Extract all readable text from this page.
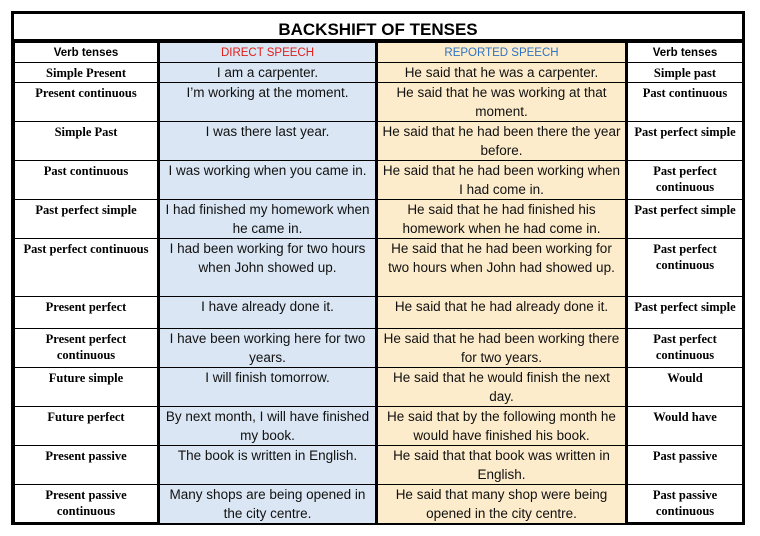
BACKSHIFT OF TENSES
Verb tenses	DIRECT SPEECH	REPORTED SPEECH	Verb tenses
Simple Present	I am a carpenter.	He said that he was a carpenter.	Simple past
Present continuous	I’m working at the moment.	He said that he was working at that moment.	Past continuous
Simple Past	I was there last year.	He said that he had been there the year before.	Past perfect simple
Past continuous	I was working when you came in.	He said that he had been working when I had come in.	Past perfect continuous
Past perfect simple	I had finished my homework when he came in.	He said that he had finished his homework when he had come in.	Past perfect simple
Past perfect continuous	I had been working for two hours when John showed up.	He said that he had been working for two hours when John had showed up.	Past perfect continuous
Present perfect	I have already done it.	He said that he had already done it.	Past perfect simple
Present perfect continuous	I have been working here for two years.	He said that he had been working there for two years.	Past perfect continuous
Future simple	I will finish tomorrow.	He said that he would finish the next day.	Would
Future perfect	By next month, I will have finished my book.	He said that by the following month he would have finished his book.	Would have
Present passive	The book is written in English.	He said that that book was written in English.	Past passive
Present passive continuous	Many shops are being opened in the city centre.	He said that many shop were being opened in the city centre.	Past passive continuous
